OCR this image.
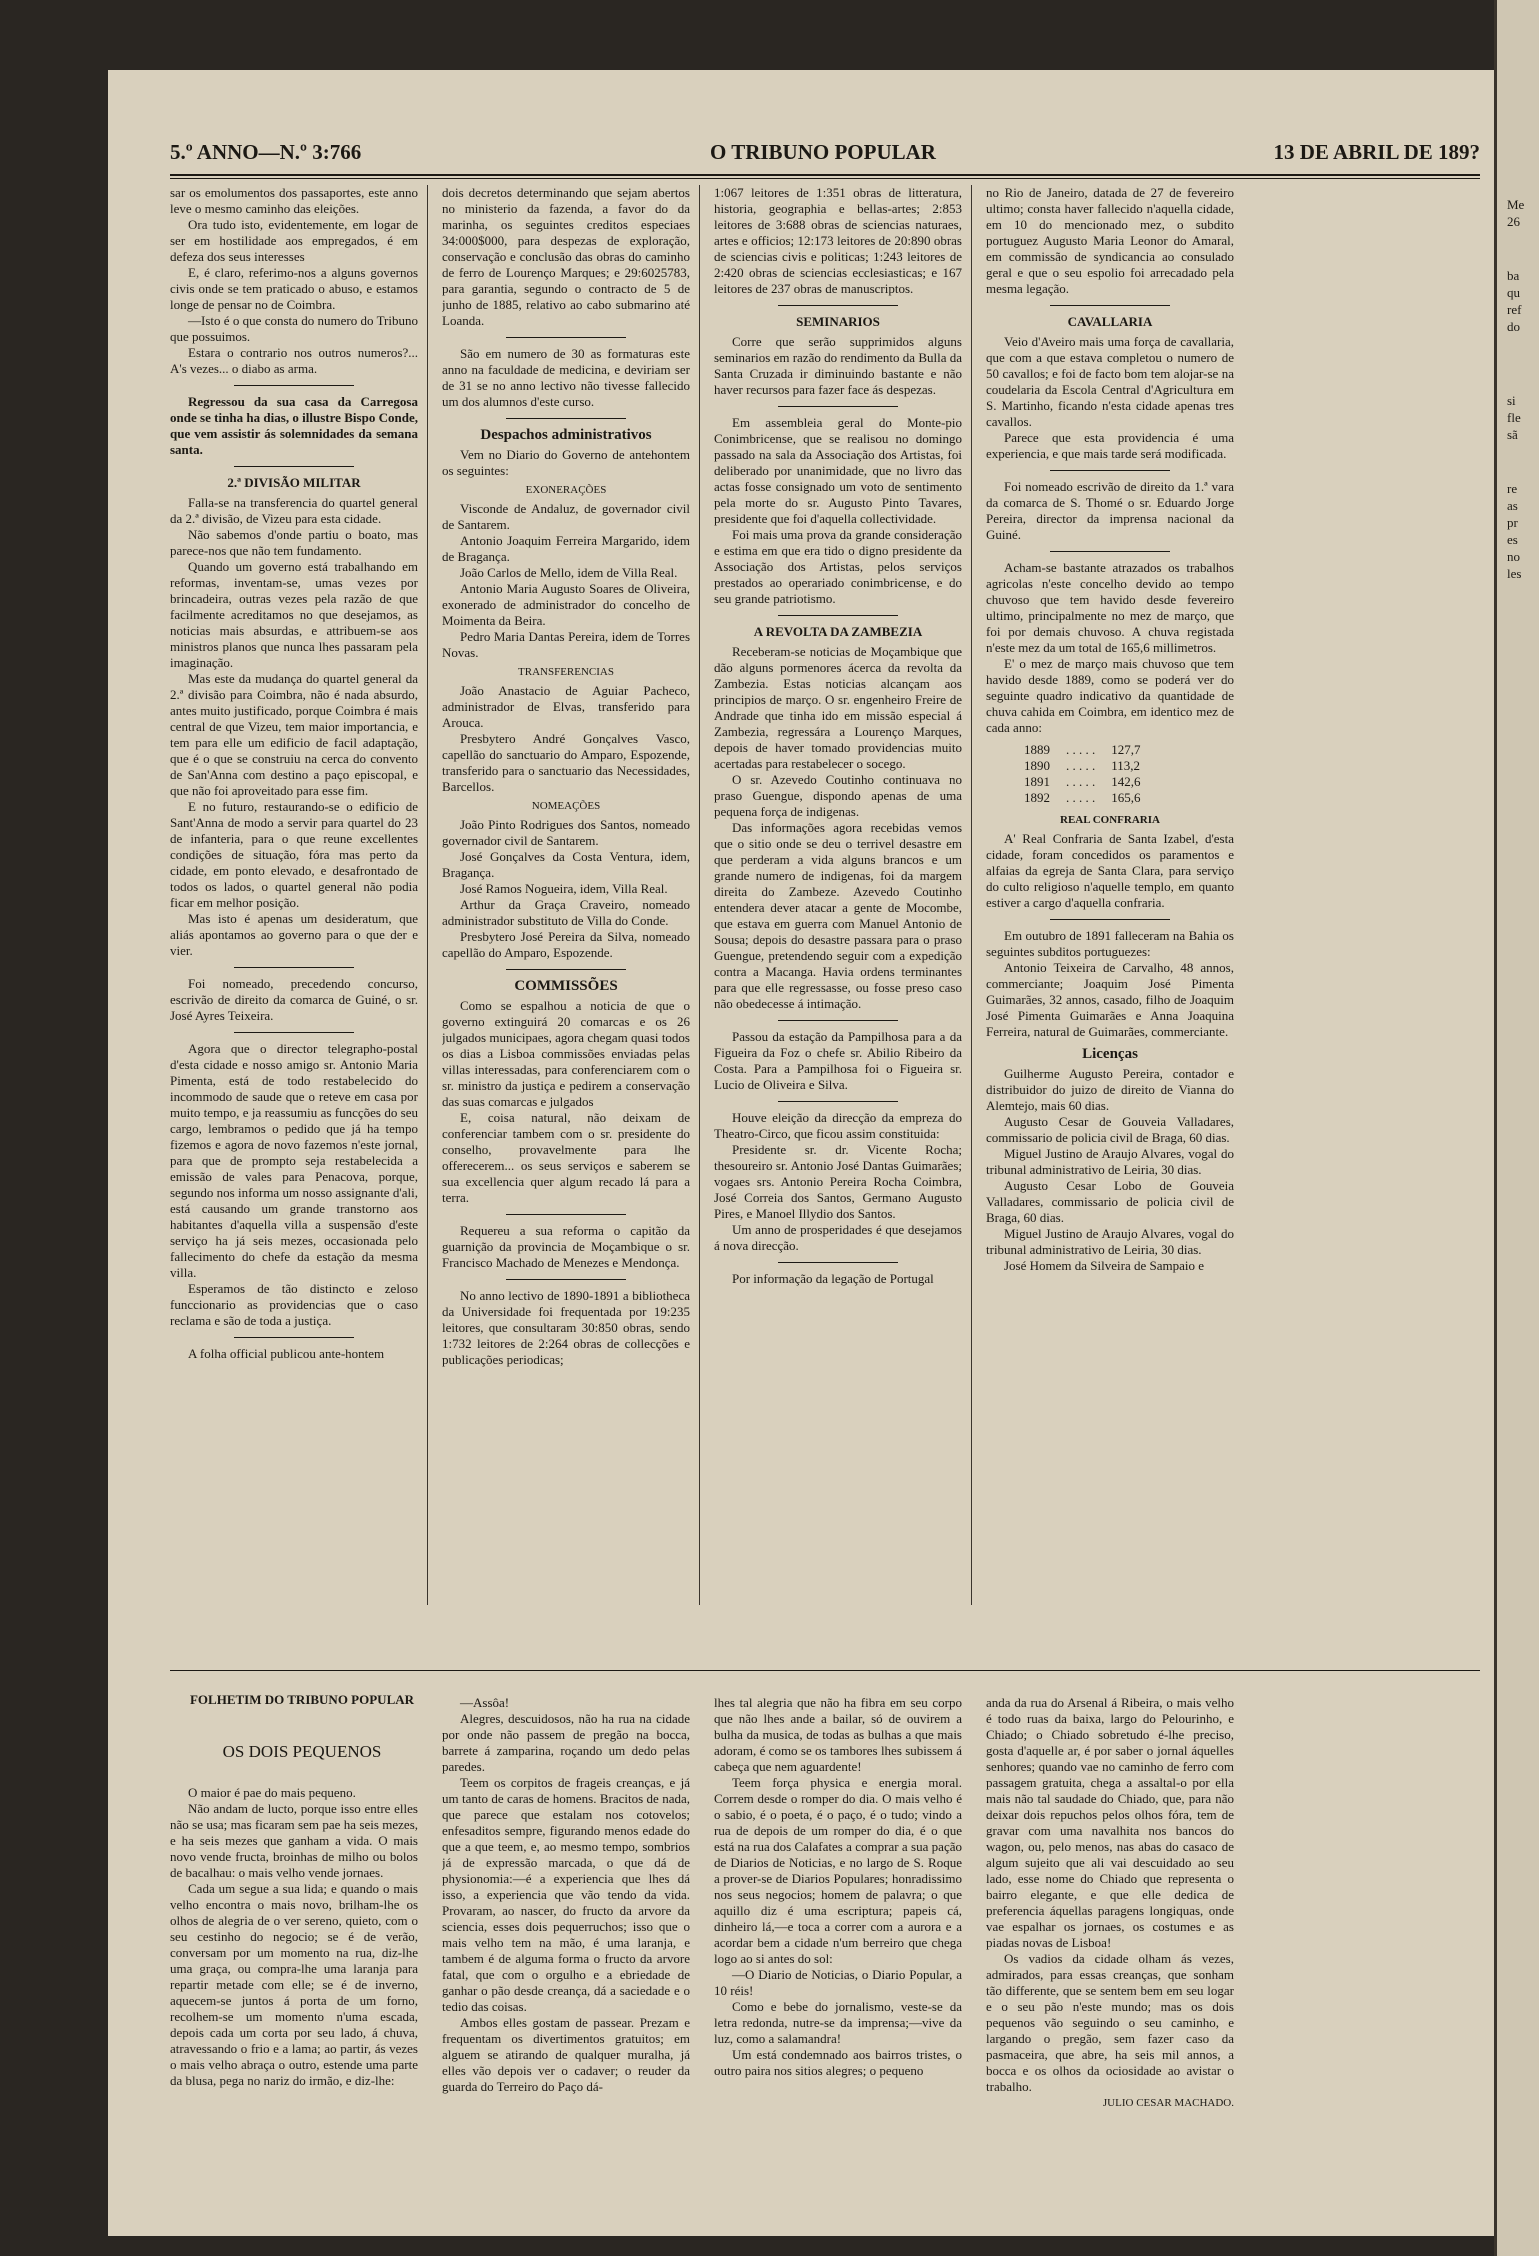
Me
26
ba
qu
ref
do
si
fle
sã
re
as
pr
es
no
les
5.º ANNO—N.º 3:766	O TRIBUNO POPULAR	13 DE ABRIL DE 189?

sar os emolumentos dos passaportes, este anno leve o mesmo caminho das eleições.

Ora tudo isto, evidentemente, em logar de ser em hostilidade aos empregados, é em defeza dos seus interesses

E, é claro, referimo-nos a alguns governos civis onde se tem praticado o abuso, e estamos longe de pensar no de Coimbra.

—Isto é o que consta do numero do Tribuno que possuimos.

Estara o contrario nos outros numeros?... A's vezes... o diabo as arma.

Regressou da sua casa da Carregosa onde se tinha ha dias, o illustre Bispo Conde, que vem assistir ás solemnidades da semana santa.

2.ª DIVISÃO MILITAR

Falla-se na transferencia do quartel general da 2.ª divisão, de Vizeu para esta cidade.

Não sabemos d'onde partiu o boato, mas parece-nos que não tem fundamento.

Quando um governo está trabalhando em reformas, inventam-se, umas vezes por brincadeira, outras vezes pela razão de que facilmente acreditamos no que desejamos, as noticias mais absurdas, e attribuem-se aos ministros planos que nunca lhes passaram pela imaginação.

Mas este da mudança do quartel general da 2.ª divisão para Coimbra, não é nada absurdo, antes muito justificado, porque Coimbra é mais central de que Vizeu, tem maior importancia, e tem para elle um edificio de facil adaptação, que é o que se construiu na cerca do convento de San'Anna com destino a paço episcopal, e que não foi aproveitado para esse fim.

E no futuro, restaurando-se o edificio de Sant'Anna de modo a servir para quartel do 23 de infanteria, para o que reune excellentes condições de situação, fóra mas perto da cidade, em ponto elevado, e desafrontado de todos os lados, o quartel general não podia ficar em melhor posição.

Mas isto é apenas um desideratum, que aliás apontamos ao governo para o que der e vier.

Foi nomeado, precedendo concurso, escrivão de direito da comarca de Guiné, o sr. José Ayres Teixeira.

Agora que o director telegrapho-postal d'esta cidade e nosso amigo sr. Antonio Maria Pimenta, está de todo restabelecido do incommodo de saude que o reteve em casa por muito tempo, e ja reassumiu as funcções do seu cargo, lembramos o pedido que já ha tempo fizemos e agora de novo fazemos n'este jornal, para que de prompto seja restabelecida a emissão de vales para Penacova, porque, segundo nos informa um nosso assignante d'ali, está causando um grande transtorno aos habitantes d'aquella villa a suspensão d'este serviço ha já seis mezes, occasionada pelo fallecimento do chefe da estação da mesma villa.

Esperamos de tão distincto e zeloso funccionario as providencias que o caso reclama e são de toda a justiça.

A folha official publicou ante-hontem

dois decretos determinando que sejam abertos no ministerio da fazenda, a favor do da marinha, os seguintes creditos especiaes 34:000$000, para despezas de exploração, conservação e conclusão das obras do caminho de ferro de Lourenço Marques; e 29:6025783, para garantia, segundo o contracto de 5 de junho de 1885, relativo ao cabo submarino até Loanda.

São em numero de 30 as formaturas este anno na faculdade de medicina, e deviriam ser de 31 se no anno lectivo não tivesse fallecido um dos alumnos d'este curso.

Despachos administrativos

Vem no Diario do Governo de antehontem os seguintes:

EXONERAÇÕES

Visconde de Andaluz, de governador civil de Santarem.

Antonio Joaquim Ferreira Margarido, idem de Bragança.

João Carlos de Mello, idem de Villa Real.

Antonio Maria Augusto Soares de Oliveira, exonerado de administrador do concelho de Moimenta da Beira.

Pedro Maria Dantas Pereira, idem de Torres Novas.

TRANSFERENCIAS

João Anastacio de Aguiar Pacheco, administrador de Elvas, transferido para Arouca.

Presbytero André Gonçalves Vasco, capellão do sanctuario do Amparo, Espozende, transferido para o sanctuario das Necessidades, Barcellos.

NOMEAÇÕES

João Pinto Rodrigues dos Santos, nomeado governador civil de Santarem.

José Gonçalves da Costa Ventura, idem, Bragança.

José Ramos Nogueira, idem, Villa Real.

Arthur da Graça Craveiro, nomeado administrador substituto de Villa do Conde.

Presbytero José Pereira da Silva, nomeado capellão do Amparo, Espozende.

COMMISSÕES

Como se espalhou a noticia de que o governo extinguirá 20 comarcas e os 26 julgados municipaes, agora chegam quasi todos os dias a Lisboa commissões enviadas pelas villas interessadas, para conferenciarem com o sr. ministro da justiça e pedirem a conservação das suas comarcas e julgados

E, coisa natural, não deixam de conferenciar tambem com o sr. presidente do conselho, provavelmente para lhe offerecerem... os seus serviços e saberem se sua excellencia quer algum recado lá para a terra.

Requereu a sua reforma o capitão da guarnição da provincia de Moçambique o sr. Francisco Machado de Menezes e Mendonça.

No anno lectivo de 1890-1891 a bibliotheca da Universidade foi frequentada por 19:235 leitores, que consultaram 30:850 obras, sendo 1:732 leitores de 2:264 obras de collecções e publicações periodicas;

1:067 leitores de 1:351 obras de litteratura, historia, geographia e bellas-artes; 2:853 leitores de 3:688 obras de sciencias naturaes, artes e officios; 12:173 leitores de 20:890 obras de sciencias civis e politicas; 1:243 leitores de 2:420 obras de sciencias ecclesiasticas; e 167 leitores de 237 obras de manuscriptos.

SEMINARIOS

Corre que serão supprimidos alguns seminarios em razão do rendimento da Bulla da Santa Cruzada ir diminuindo bastante e não haver recursos para fazer face ás despezas.

Em assembleia geral do Monte-pio Conimbricense, que se realisou no domingo passado na sala da Associação dos Artistas, foi deliberado por unanimidade, que no livro das actas fosse consignado um voto de sentimento pela morte do sr. Augusto Pinto Tavares, presidente que foi d'aquella collectividade.

Foi mais uma prova da grande consideração e estima em que era tido o digno presidente da Associação dos Artistas, pelos serviços prestados ao operariado conimbricense, e do seu grande patriotismo.

A REVOLTA DA ZAMBEZIA

Receberam-se noticias de Moçambique que dão alguns pormenores ácerca da revolta da Zambezia. Estas noticias alcançam aos principios de março. O sr. engenheiro Freire de Andrade que tinha ido em missão especial á Zambezia, regressára a Lourenço Marques, depois de haver tomado providencias muito acertadas para restabelecer o socego.

O sr. Azevedo Coutinho continuava no praso Guengue, dispondo apenas de uma pequena força de indigenas.

Das informações agora recebidas vemos que o sitio onde se deu o terrivel desastre em que perderam a vida alguns brancos e um grande numero de indigenas, foi da margem direita do Zambeze. Azevedo Coutinho entendera dever atacar a gente de Mocombe, que estava em guerra com Manuel Antonio de Sousa; depois do desastre passara para o praso Guengue, pretendendo seguir com a expedição contra a Macanga. Havia ordens terminantes para que elle regressasse, ou fosse preso caso não obedecesse á intimação.

Passou da estação da Pampilhosa para a da Figueira da Foz o chefe sr. Abilio Ribeiro da Costa. Para a Pampilhosa foi o Figueira sr. Lucio de Oliveira e Silva.

Houve eleição da direcção da empreza do Theatro-Circo, que ficou assim constituida:

Presidente sr. dr. Vicente Rocha; thesoureiro sr. Antonio José Dantas Guimarães; vogaes srs. Antonio Pereira Rocha Coimbra, José Correia dos Santos, Germano Augusto Pires, e Manoel Illydio dos Santos.

Um anno de prosperidades é que desejamos á nova direcção.

Por informação da legação de Portugal

no Rio de Janeiro, datada de 27 de fevereiro ultimo; consta haver fallecido n'aquella cidade, em 10 do mencionado mez, o subdito portuguez Augusto Maria Leonor do Amaral, em commissão de syndicancia ao consulado geral e que o seu espolio foi arrecadado pela mesma legação.

CAVALLARIA

Veio d'Aveiro mais uma força de cavallaria, que com a que estava completou o numero de 50 cavallos; e foi de facto bom tem alojar-se na coudelaria da Escola Central d'Agricultura em S. Martinho, ficando n'esta cidade apenas tres cavallos.

Parece que esta providencia é uma experiencia, e que mais tarde será modificada.

Foi nomeado escrivão de direito da 1.ª vara da comarca de S. Thomé o sr. Eduardo Jorge Pereira, director da imprensa nacional da Guiné.

Acham-se bastante atrazados os trabalhos agricolas n'este concelho devido ao tempo chuvoso que tem havido desde fevereiro ultimo, principalmente no mez de março, que foi por demais chuvoso. A chuva registada n'este mez da um total de 165,6 millimetros.

E' o mez de março mais chuvoso que tem havido desde 1889, como se poderá ver do seguinte quadro indicativo da quantidade de chuva cahida em Coimbra, em identico mez de cada anno:

1889	. . . . .	127,7
1890	. . . . .	113,2
1891	. . . . .	142,6
1892	. . . . .	165,6

REAL CONFRARIA

A' Real Confraria de Santa Izabel, d'esta cidade, foram concedidos os paramentos e alfaias da egreja de Santa Clara, para serviço do culto religioso n'aquelle templo, em quanto estiver a cargo d'aquella confraria.

Em outubro de 1891 falleceram na Bahia os seguintes subditos portuguezes:

Antonio Teixeira de Carvalho, 48 annos, commerciante; Joaquim José Pimenta Guimarães, 32 annos, casado, filho de Joaquim José Pimenta Guimarães e Anna Joaquina Ferreira, natural de Guimarães, commerciante.

Licenças

Guilherme Augusto Pereira, contador e distribuidor do juizo de direito de Vianna do Alemtejo, mais 60 dias.

Augusto Cesar de Gouveia Valladares, commissario de policia civil de Braga, 60 dias.

Miguel Justino de Araujo Alvares, vogal do tribunal administrativo de Leiria, 30 dias.

Augusto Cesar Lobo de Gouveia Valladares, commissario de policia civil de Braga, 60 dias.

Miguel Justino de Araujo Alvares, vogal do tribunal administrativo de Leiria, 30 dias.

José Homem da Silveira de Sampaio e

FOLHETIM DO TRIBUNO POPULAR
OS DOIS PEQUENOS

O maior é pae do mais pequeno.

Não andam de lucto, porque isso entre elles não se usa; mas ficaram sem pae ha seis mezes, e ha seis mezes que ganham a vida. O mais novo vende fructa, broinhas de milho ou bolos de bacalhau: o mais velho vende jornaes.

Cada um segue a sua lida; e quando o mais velho encontra o mais novo, brilham-lhe os olhos de alegria de o ver sereno, quieto, com o seu cestinho do negocio; se é de verão, conversam por um momento na rua, diz-lhe uma graça, ou compra-lhe uma laranja para repartir metade com elle; se é de inverno, aquecem-se juntos á porta de um forno, recolhem-se um momento n'uma escada, depois cada um corta por seu lado, á chuva, atravessando o frio e a lama; ao partir, ás vezes o mais velho abraça o outro, estende uma parte da blusa, pega no nariz do irmão, e diz-lhe:

—Assôa!

Alegres, descuidosos, não ha rua na cidade por onde não passem de pregão na bocca, barrete á zamparina, roçando um dedo pelas paredes.

Teem os corpitos de frageis creanças, e já um tanto de caras de homens. Bracitos de nada, que parece que estalam nos cotovelos; enfesaditos sempre, figurando menos edade do que a que teem, e, ao mesmo tempo, sombrios já de expressão marcada, o que dá de physionomia:—é a experiencia que lhes dá isso, a experiencia que vão tendo da vida. Provaram, ao nascer, do fructo da arvore da sciencia, esses dois pequerruchos; isso que o mais velho tem na mão, é uma laranja, e tambem é de alguma forma o fructo da arvore fatal, que com o orgulho e a ebriedade de ganhar o pão desde creança, dá a saciedade e o tedio das coisas.

Ambos elles gostam de passear. Prezam e frequentam os divertimentos gratuitos; em alguem se atirando de qualquer muralha, já elles vão depois ver o cadaver; o reuder da guarda do Terreiro do Paço dá-

lhes tal alegria que não ha fibra em seu corpo que não lhes ande a bailar, só de ouvirem a bulha da musica, de todas as bulhas a que mais adoram, é como se os tambores lhes subissem á cabeça que nem aguardente!

Teem força physica e energia moral. Correm desde o romper do dia. O mais velho é o sabio, é o poeta, é o paço, é o tudo; vindo a rua de depois de um romper do dia, é o que está na rua dos Calafates a comprar a sua pação de Diarios de Noticias, e no largo de S. Roque a prover-se de Diarios Populares; honradissimo nos seus negocios; homem de palavra; o que aquillo diz é uma escriptura; papeis cá, dinheiro lá,—e toca a correr com a aurora e a acordar bem a cidade n'um berreiro que chega logo ao si antes do sol:

—O Diario de Noticias, o Diario Popular, a 10 réis!

Como e bebe do jornalismo, veste-se da letra redonda, nutre-se da imprensa;—vive da luz, como a salamandra!

Um está condemnado aos bairros tristes, o outro paira nos sitios alegres; o pequeno

anda da rua do Arsenal á Ribeira, o mais velho é todo ruas da baixa, largo do Pelourinho, e Chiado; o Chiado sobretudo é-lhe preciso, gosta d'aquelle ar, é por saber o jornal áquelles senhores; quando vae no caminho de ferro com passagem gratuita, chega a assaltal-o por ella mais não tal saudade do Chiado, que, para não deixar dois repuchos pelos olhos fóra, tem de gravar com uma navalhita nos bancos do wagon, ou, pelo menos, nas abas do casaco de algum sujeito que ali vai descuidado ao seu lado, esse nome do Chiado que representa o bairro elegante, e que elle dedica de preferencia áquellas paragens longiquas, onde vae espalhar os jornaes, os costumes e as piadas novas de Lisboa!

Os vadios da cidade olham ás vezes, admirados, para essas creanças, que sonham tão differente, que se sentem bem em seu logar e o seu pão n'este mundo; mas os dois pequenos vão seguindo o seu caminho, e largando o pregão, sem fazer caso da pasmaceira, que abre, ha seis mil annos, a bocca e os olhos da ociosidade ao avistar o trabalho.

JULIO CESAR MACHADO.
